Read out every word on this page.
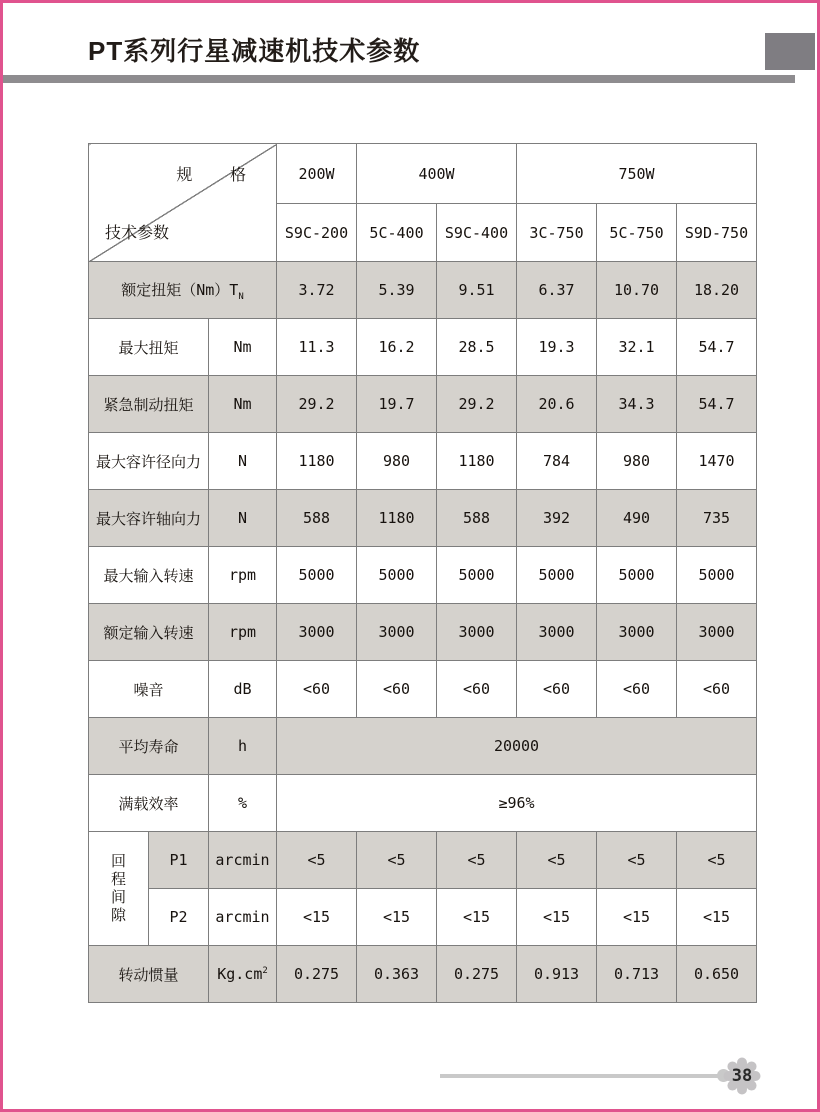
PT系列行星减速机技术参数
规 格
技术参数			200W	400W		750W		
			S9C-200	5C-400	S9C-400	3C-750	5C-750	S9D-750
额定扭矩$(Nm)T_N$			3.72	5.39	9.51	6.37	10.70	18.20
最大扭矩		Nm	11.3	16.2	28.5	19.3	32.1	54.7
紧急制动扭矩		Nm	29.2	19.7	29.2	20.6	34.3	54.7
最大容许径向力		N	1180	980	1180	784	980	1470
最大容许轴向力		N	588	1180	588	392	490	735
最大输入转速		rpm	5000	5000	5000	5000	5000	5000
额定输入转速		rpm	3000	3000	3000	3000	3000	3000
噪音		dB	<60	<60	<60	<60	<60	<60
平均寿命		h	20000					
满载效率		%	≥96%					

回程间隙	P1	arcmin	<5	<5	<5	<5	<5	<5
	P2	arcmin	<15	<15	<15	<15	<15	<15
转动惯量		$Kg.cm^2$	0.275	0.363	0.275	0.913	0.713	0.650
38
